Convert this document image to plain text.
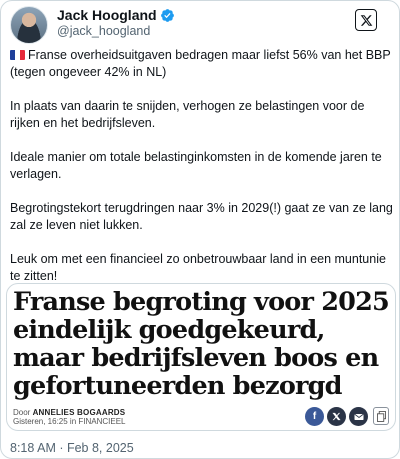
Jack Hoogland
@jack_hoogland

Franse overheidsuitgaven bedragen maar liefst 56% van het BBP (tegen ongeveer 42% in NL)

In plaats van daarin te snijden, verhogen ze belastingen voor de rijken en het bedrijfsleven.

Ideale manier om totale belastinginkomsten in de komende jaren te verlagen.

Begrotingstekort terugdringen naar 3% in 2029(!) gaat ze van ze lang zal ze leven niet lukken.

Leuk om met een financieel zo onbetrouwbaar land in een muntunie te zitten!

Franse begroting voor 2025 eindelijk goedgekeurd, maar bedrijfsleven boos en gefortuneerden bezorgd
Door ANNELIES BOGAARDS
Gisteren, 16:25 in FINANCIEEL	f
8:18 AM · Feb 8, 2025
